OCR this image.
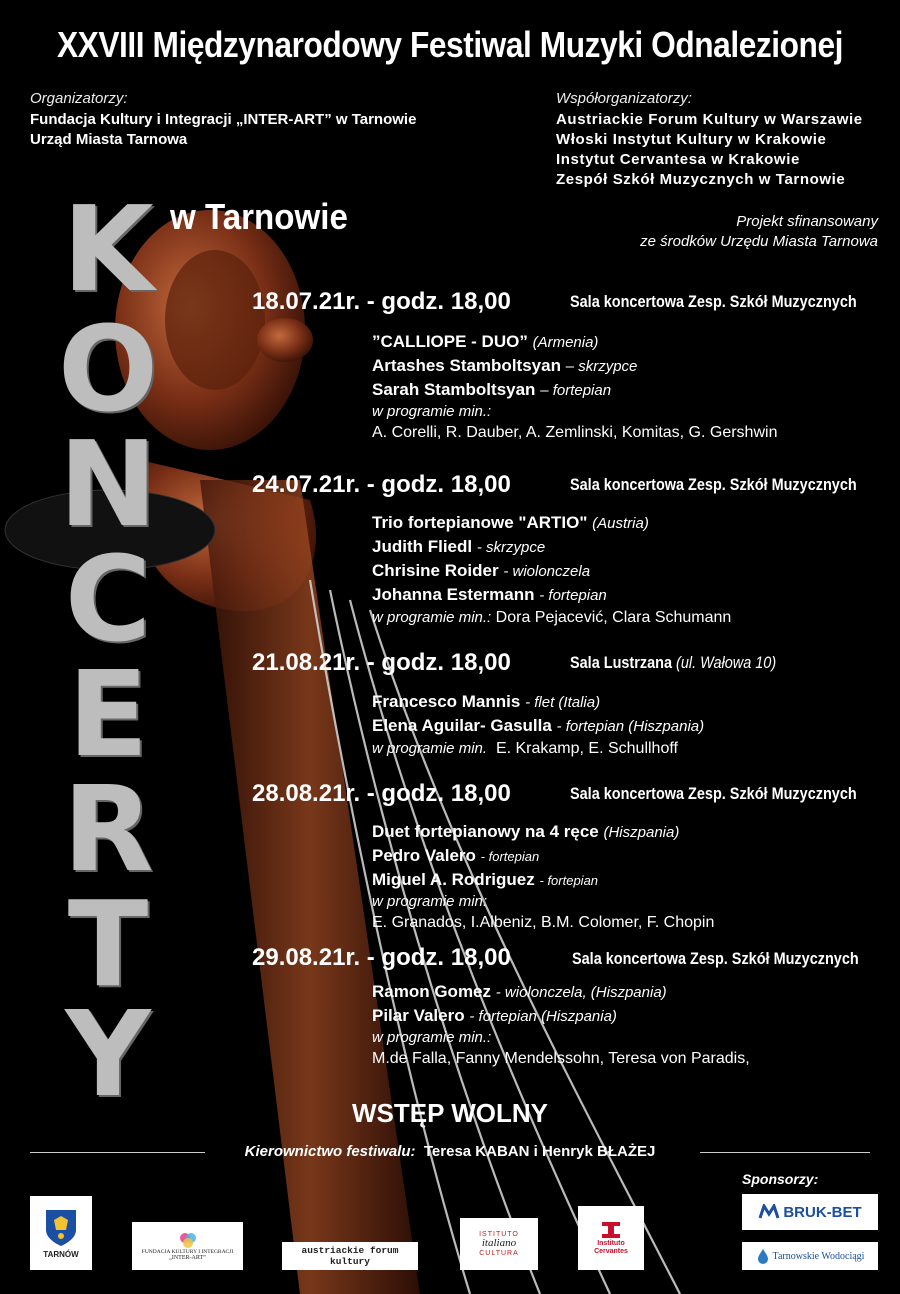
XXVIII Międzynarodowy Festiwal Muzyki Odnalezionej
Organizatorzy:
Fundacja Kultury i Integracji „INTER-ART” w Tarnowie
Urząd Miasta Tarnowa
Współorganizatorzy:
Austriackie Forum Kultury w Warszawie
Włoski Instytut Kultury w Krakowie
Instytut Cervantesa w Krakowie
Zespół Szkół Muzycznych w Tarnowie
Projekt sfinansowany
ze środków Urzędu Miasta Tarnowa
w Tarnowie
K
O
N
C
E
R
T
Y
18.07.21r. - godz. 18,00	Sala koncertowa Zesp. Szkół Muzycznych
”CALLIOPE - DUO” (Armenia)
Artashes Stamboltsyan – skrzypce
Sarah Stamboltsyan – fortepian
w programie min.:
A. Corelli, R. Dauber, A. Zemlinski, Komitas, G. Gershwin
24.07.21r. - godz. 18,00	Sala koncertowa Zesp. Szkół Muzycznych
Trio fortepianowe "ARTIO" (Austria)
Judith Fliedl - skrzypce
Chrisine Roider - wiolonczela
Johanna Estermann - fortepian
w programie min.: Dora Pejacević, Clara Schumann
21.08.21r. - godz. 18,00	Sala Lustrzana (ul. Wałowa 10)
Francesco Mannis - flet (Italia)
Elena Aguilar- Gasulla - fortepian (Hiszpania)
w programie min. E. Krakamp, E. Schullhoff
28.08.21r. - godz. 18,00	Sala koncertowa Zesp. Szkół Muzycznych
Duet fortepianowy na 4 ręce (Hiszpania)
Pedro Valero - fortepian
Miguel A. Rodriguez - fortepian
w programie min:
E. Granados, I.Albeniz, B.M. Colomer, F. Chopin
29.08.21r. - godz. 18,00	Sala koncertowa Zesp. Szkół Muzycznych
Ramon Gomez - wiolonczela, (Hiszpania)
Pilar Valero - fortepian (Hiszpania)
w programie min.:
M.de Falla, Fanny Mendelssohn, Teresa von Paradis,
WSTĘP WOLNY
Kierownictwo festiwalu: Teresa KABAN i Henryk BŁAŻEJ
Sponsorzy:
TARNÓW	FUNDACJA KULTURY I INTEGRACJI
„INTER-ART”
austriackie forum kultury
ISTITUTO
italiano
CULTURA
Instituto
Cervantes
BRUK-BET
Tarnowskie Wodociągi
